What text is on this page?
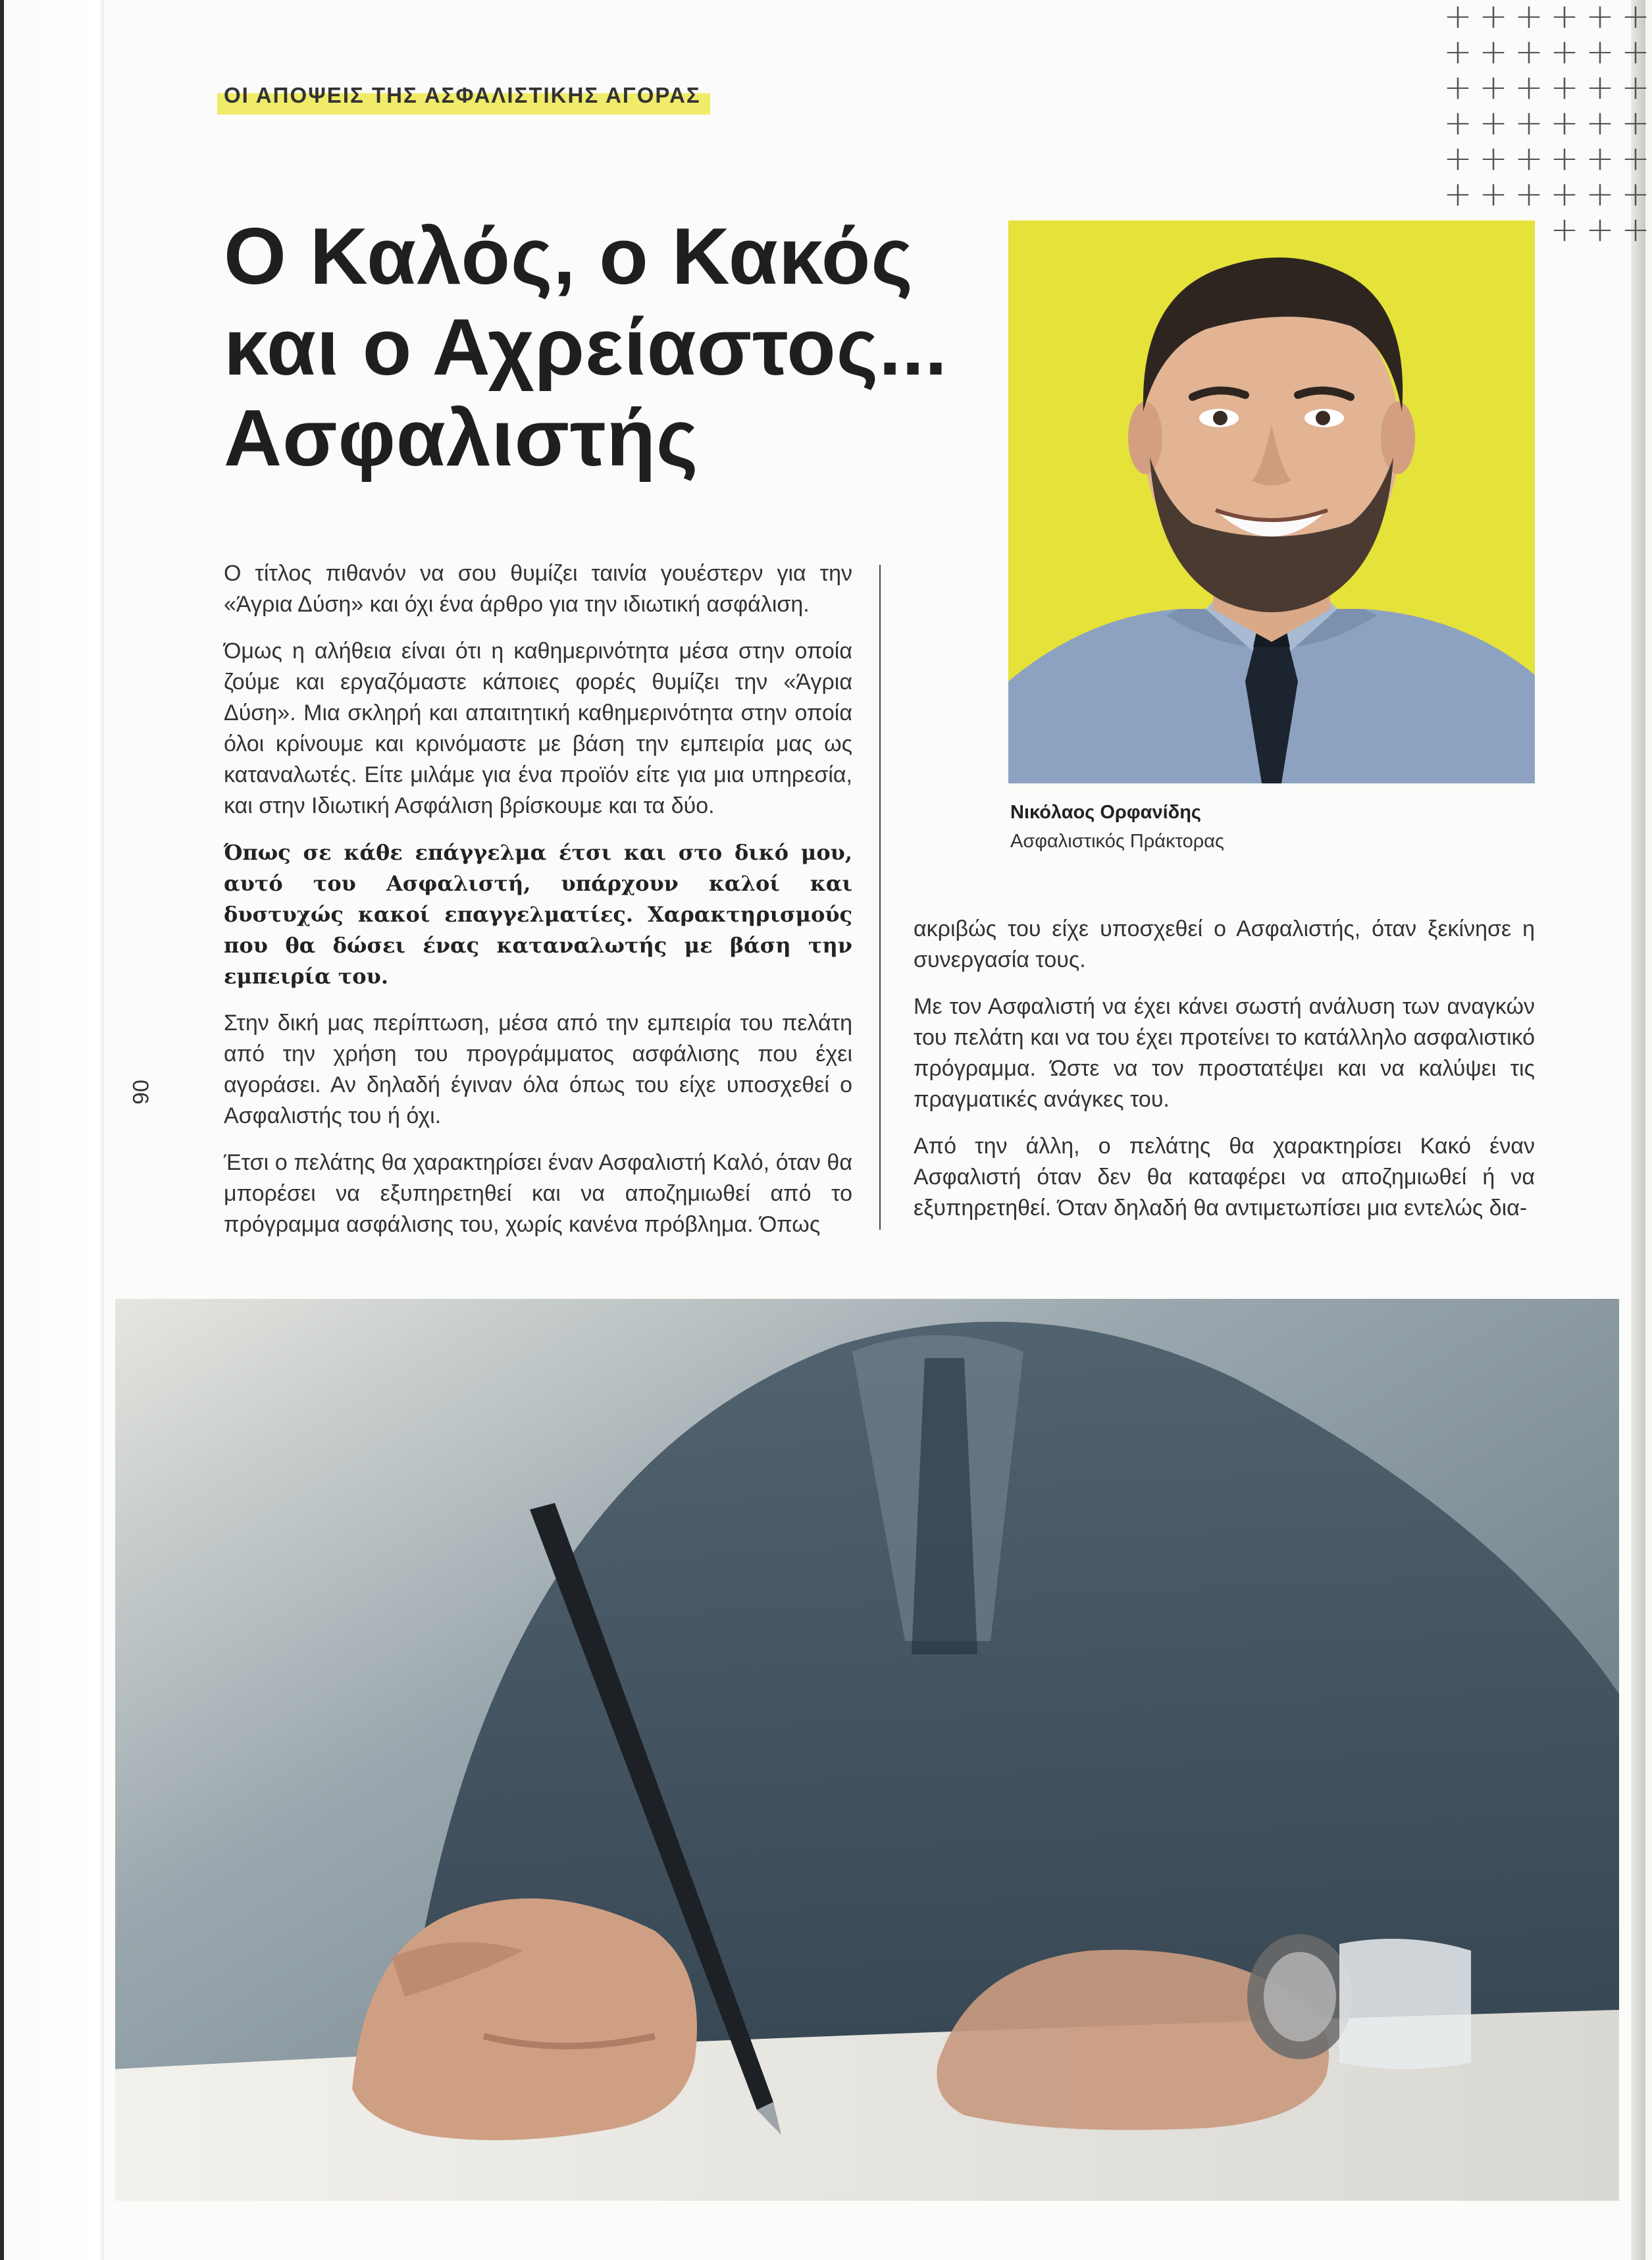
+ + + + + +
+ + + + + +
+ + + + + +
+ + + + + +
+ + + + + +
+ + + + + +
+ + +
ΟΙ ΑΠΟΨΕΙΣ ΤΗΣ ΑΣΦΑΛΙΣΤΙΚΗΣ ΑΓΟΡΑΣ
Ο Καλός, ο Κακός
και ο Αχρείαστος...
Ασφαλιστής
Νικόλαος Ορφανίδης
Ασφαλιστικός Πράκτορας

Ο τίτλος πιθανόν να σου θυμίζει ταινία γουέστερν για την «Άγρια Δύση» και όχι ένα άρθρο για την ιδιωτική ασφάλιση.

Όμως η αλήθεια είναι ότι η καθημερινότητα μέσα στην οποία ζούμε και εργαζόμαστε κάποιες φορές θυμίζει την «Άγρια Δύση». Μια σκληρή και απαιτητική καθημερινότητα στην οποία όλοι κρίνουμε και κρινόμαστε με βάση την εμπειρία μας ως καταναλωτές. Είτε μιλάμε για ένα προϊόν είτε για μια υπηρεσία, και στην Ιδιωτική Ασφάλιση βρίσκουμε και τα δύο.

Όπως σε κάθε επάγγελμα έτσι και στο δικό μου, αυτό του Ασφαλιστή, υπάρχουν καλοί και δυστυχώς κακοί επαγγελματίες. Χαρακτηρισμούς που θα δώσει ένας καταναλωτής με βάση την εμπειρία του.

Στην δική μας περίπτωση, μέσα από την εμπειρία του πελάτη από την χρήση του προγράμματος ασφάλισης που έχει αγοράσει. Αν δηλαδή έγιναν όλα όπως του είχε υποσχεθεί ο Ασφαλιστής του ή όχι.

Έτσι ο πελάτης θα χαρακτηρίσει έναν Ασφαλιστή Καλό, όταν θα μπορέσει να εξυπηρετηθεί και να αποζημιωθεί από το πρόγραμμα ασφάλισης του, χωρίς κανένα πρόβλημα. Όπως

ακριβώς του είχε υποσχεθεί ο Ασφαλιστής, όταν ξεκίνησε η συνεργασία τους.

Με τον Ασφαλιστή να έχει κάνει σωστή ανάλυση των αναγκών του πελάτη και να του έχει προτείνει το κατάλληλο ασφαλιστικό πρόγραμμα. Ώστε να τον προστατέψει και να καλύψει τις πραγματικές ανάγκες του.

Από την άλλη, ο πελάτης θα χαρακτηρίσει Κακό έναν Ασφαλιστή όταν δεν θα καταφέρει να αποζημιωθεί ή να εξυπηρετηθεί. Όταν δηλαδή θα αντιμετωπίσει μια εντελώς δια-

06
